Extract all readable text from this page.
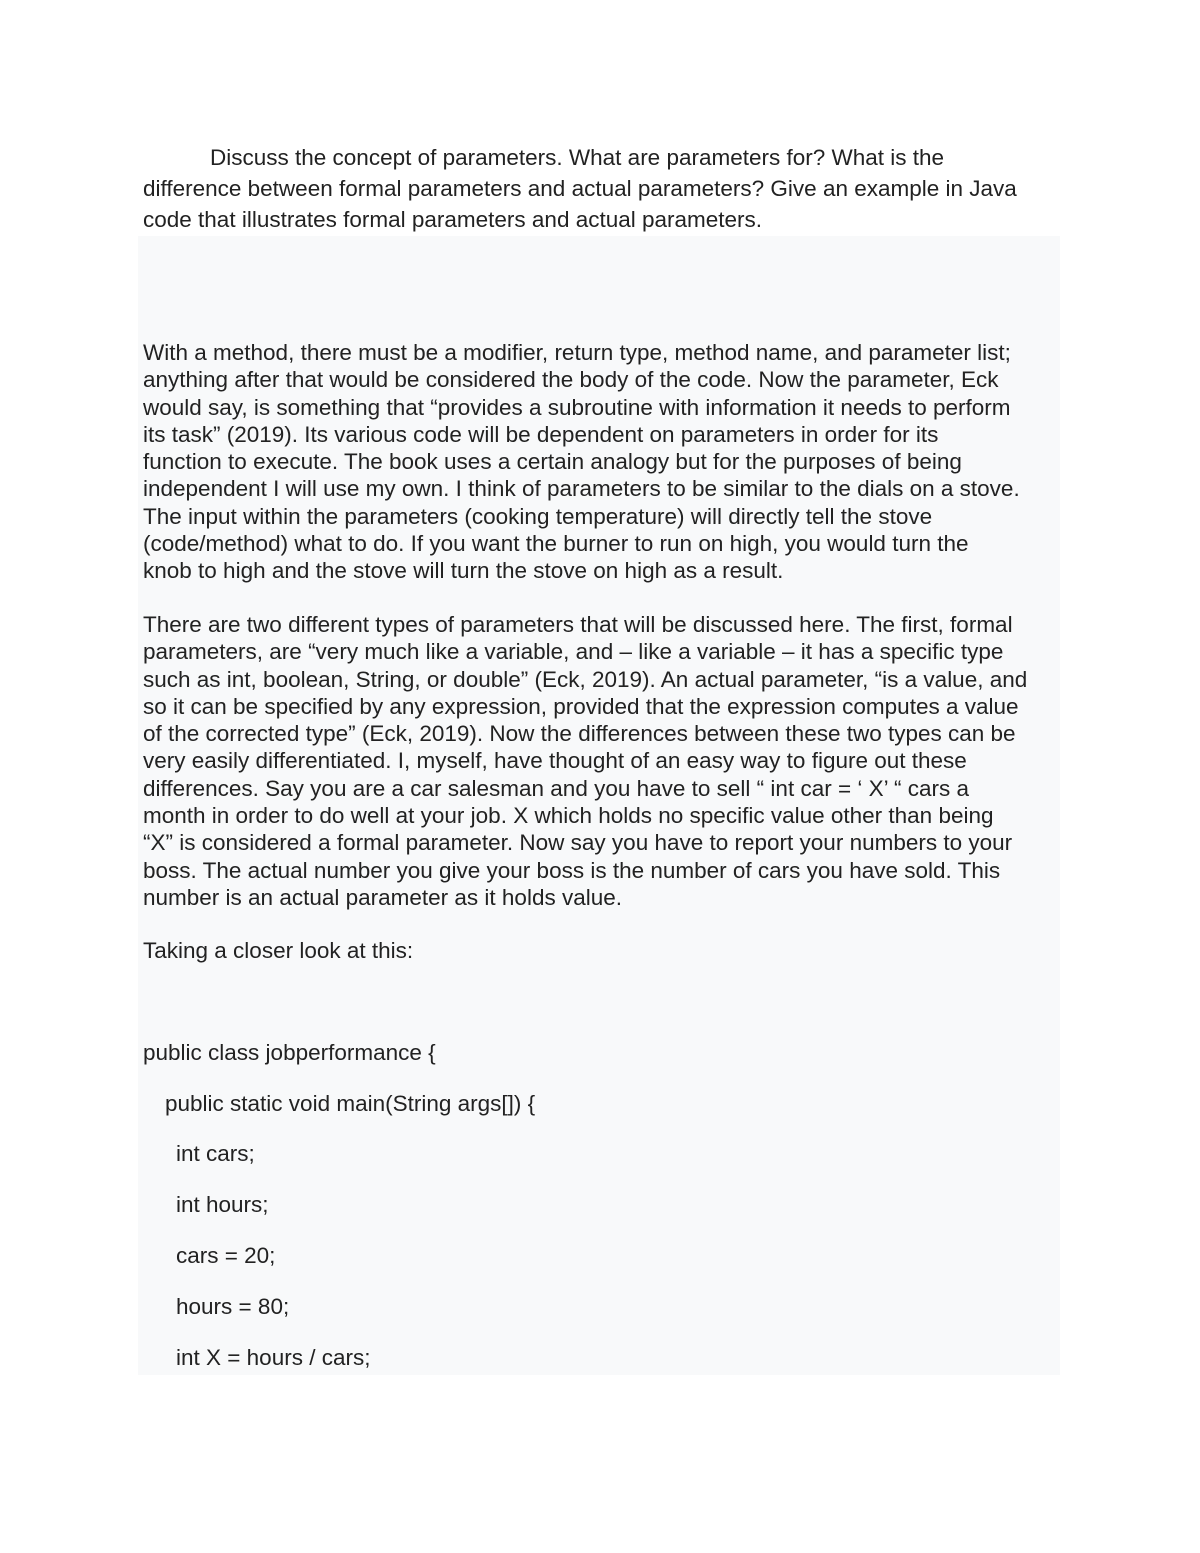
Discuss the concept of parameters. What are parameters for? What is the
difference between formal parameters and actual parameters? Give an example in Java
code that illustrates formal parameters and actual parameters.

With a method, there must be a modifier, return type, method name, and parameter list;
anything after that would be considered the body of the code. Now the parameter, Eck
would say, is something that “provides a subroutine with information it needs to perform
its task” (2019). Its various code will be dependent on parameters in order for its
function to execute. The book uses a certain analogy but for the purposes of being
independent I will use my own. I think of parameters to be similar to the dials on a stove.
The input within the parameters (cooking temperature) will directly tell the stove
(code/method) what to do. If you want the burner to run on high, you would turn the
knob to high and the stove will turn the stove on high as a result.

There are two different types of parameters that will be discussed here. The first, formal
parameters, are “very much like a variable, and – like a variable – it has a specific type
such as int, boolean, String, or double” (Eck, 2019). An actual parameter, “is a value, and
so it can be specified by any expression, provided that the expression computes a value
of the corrected type” (Eck, 2019). Now the differences between these two types can be
very easily differentiated. I, myself, have thought of an easy way to figure out these
differences. Say you are a car salesman and you have to sell “ int car = ‘ X’ “ cars a
month in order to do well at your job. X which holds no specific value other than being
“X” is considered a formal parameter. Now say you have to report your numbers to your
boss. The actual number you give your boss is the number of cars you have sold. This
number is an actual parameter as it holds value.

Taking a closer look at this:

public class jobperformance {

public static void main(String args[]) {

int cars;

int hours;

cars = 20;

hours = 80;

int X = hours / cars;
